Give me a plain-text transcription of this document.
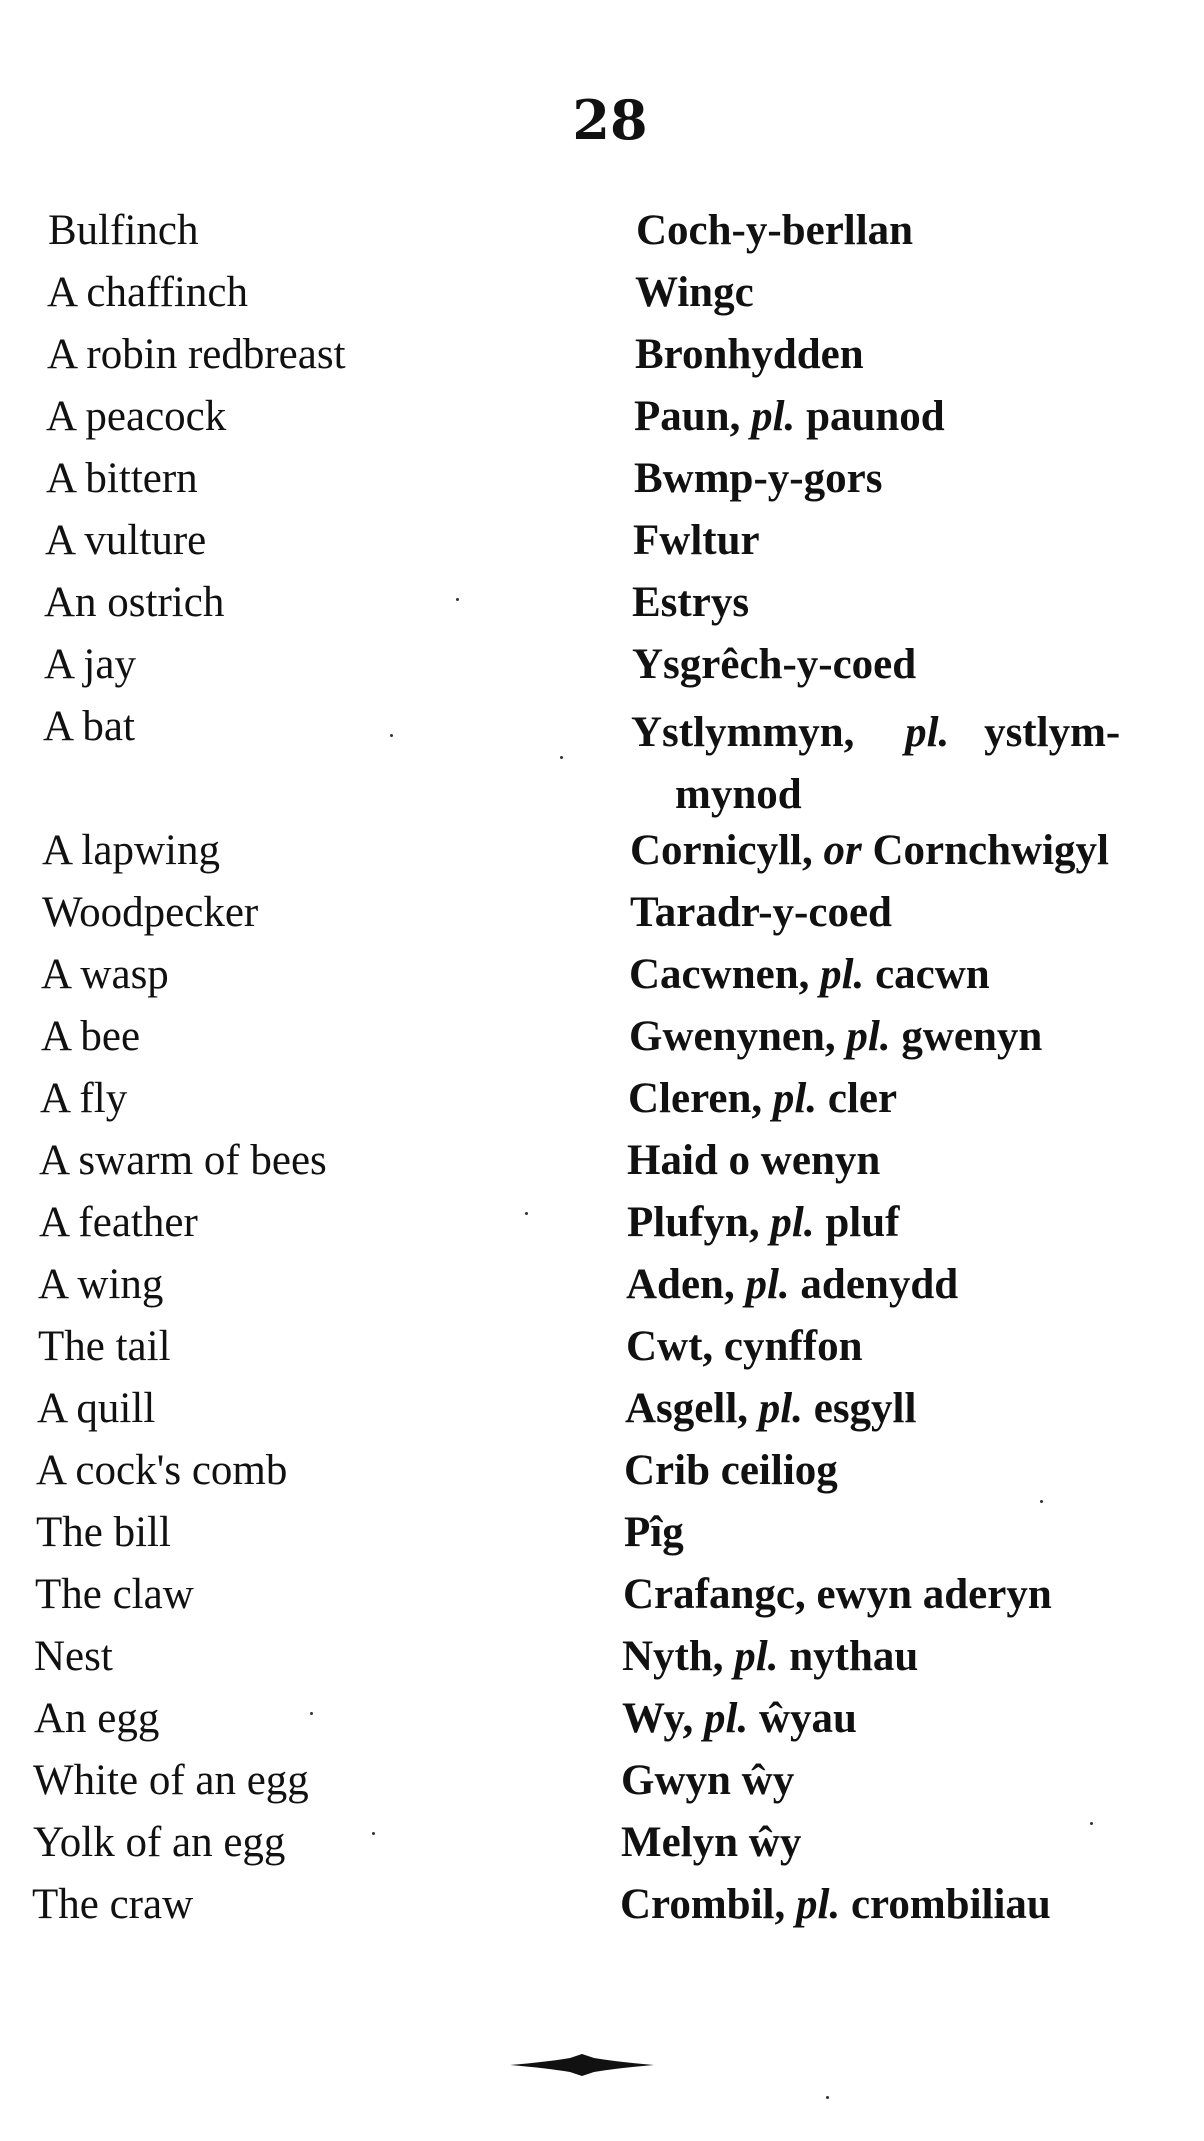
28
Bulfinch	Coch-y-berllan
A chaffinch	Wingc
A robin redbreast	Bronhydden
A peacock	Paun, pl. paunod
A bittern	Bwmp-y-gors
A vulture	Fwltur
An ostrich	Estrys
A jay	Ysgrêch-y-coed
A bat	Ystlymmyn, pl. ystlym-
mynod
A lapwing	Cornicyll, or Cornchwigyl
Woodpecker	Taradr-y-coed
A wasp	Cacwnen, pl. cacwn
A bee	Gwenynen, pl. gwenyn
A fly	Cleren, pl. cler
A swarm of bees	Haid o wenyn
A feather	Plufyn, pl. pluf
A wing	Aden, pl. adenydd
The tail	Cwt, cynffon
A quill	Asgell, pl. esgyll
A cock's comb	Crib ceiliog
The bill	Pîg
The claw	Crafangc, ewyn aderyn
Nest	Nyth, pl. nythau
An egg	Wy, pl. ŵyau
White of an egg	Gwyn ŵy
Yolk of an egg	Melyn ŵy
The craw	Crombil, pl. crombiliau
